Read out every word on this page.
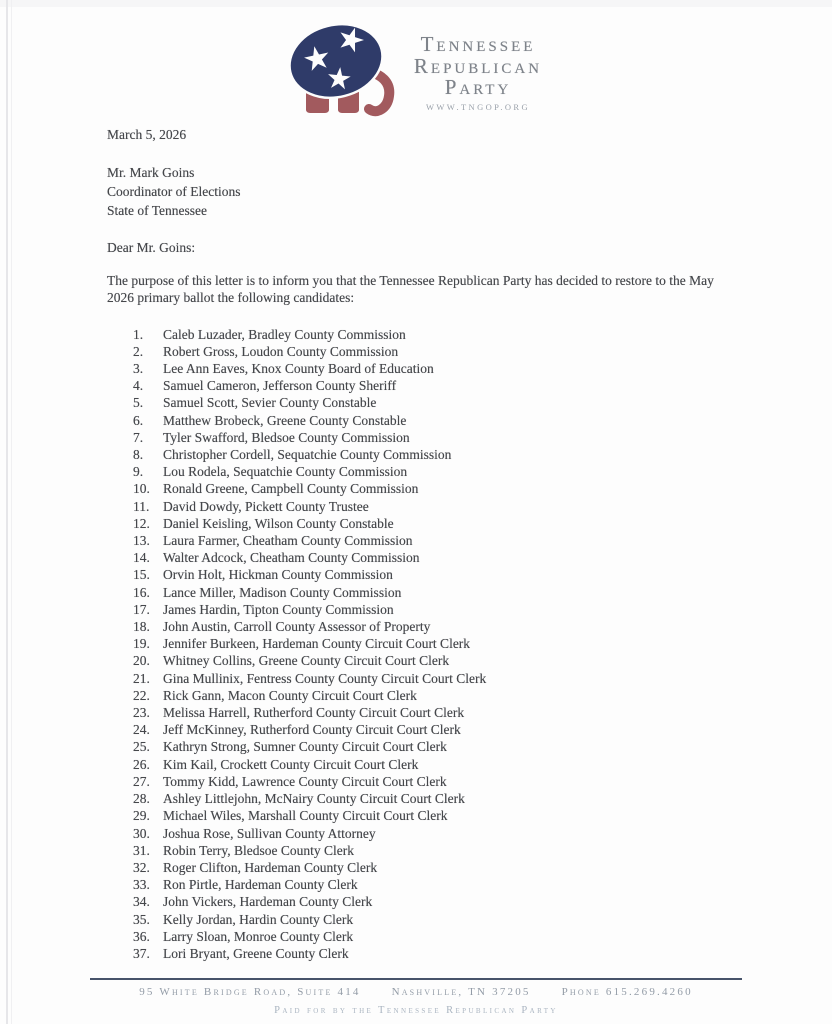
Tennessee
Republican
Party
WWW.TNGOP.ORG

March 5, 2026

Mr. Mark Goins
Coordinator of Elections
State of Tennessee

Dear Mr. Goins:

The purpose of this letter is to inform you that the Tennessee Republican Party has decided to restore to the May 2026 primary ballot the following candidates:

1.	Caleb Luzader, Bradley County Commission
2.	Robert Gross, Loudon County Commission
3.	Lee Ann Eaves, Knox County Board of Education
4.	Samuel Cameron, Jefferson County Sheriff
5.	Samuel Scott, Sevier County Constable
6.	Matthew Brobeck, Greene County Constable
7.	Tyler Swafford, Bledsoe County Commission
8.	Christopher Cordell, Sequatchie County Commission
9.	Lou Rodela, Sequatchie County Commission
10. Ronald Greene, Campbell County Commission
11.	David Dowdy, Pickett County Trustee
12. Daniel Keisling, Wilson County Constable
13. Laura Farmer, Cheatham County Commission
14. Walter Adcock, Cheatham County Commission
15. Orvin Holt, Hickman County Commission
16. Lance Miller, Madison County Commission
17. James Hardin, Tipton County Commission
18. John Austin, Carroll County Assessor of Property
19. Jennifer Burkeen, Hardeman County Circuit Court Clerk
20. Whitney Collins, Greene County Circuit Court Clerk
21. Gina Mullinix, Fentress County County Circuit Court Clerk
22. Rick Gann, Macon County Circuit Court Clerk
23. Melissa Harrell, Rutherford County Circuit Court Clerk
24. Jeff McKinney, Rutherford County Circuit Court Clerk
25. Kathryn Strong, Sumner County Circuit Court Clerk
26. Kim Kail, Crockett County Circuit Court Clerk
27. Tommy Kidd, Lawrence County Circuit Court Clerk
28. Ashley Littlejohn, McNairy County Circuit Court Clerk
29. Michael Wiles, Marshall County Circuit Court Clerk
30. Joshua Rose, Sullivan County Attorney
31. Robin Terry, Bledsoe County Clerk
32. Roger Clifton, Hardeman County Clerk
33. Ron Pirtle, Hardeman County Clerk
34. John Vickers, Hardeman County Clerk
35. Kelly Jordan, Hardin County Clerk
36. Larry Sloan, Monroe County Clerk
37. Lori Bryant, Greene County Clerk
95 White Bridge Road, Suite 414	Nashville, TN 37205	Phone 615.269.4260
Paid for by the Tennessee Republican Party
